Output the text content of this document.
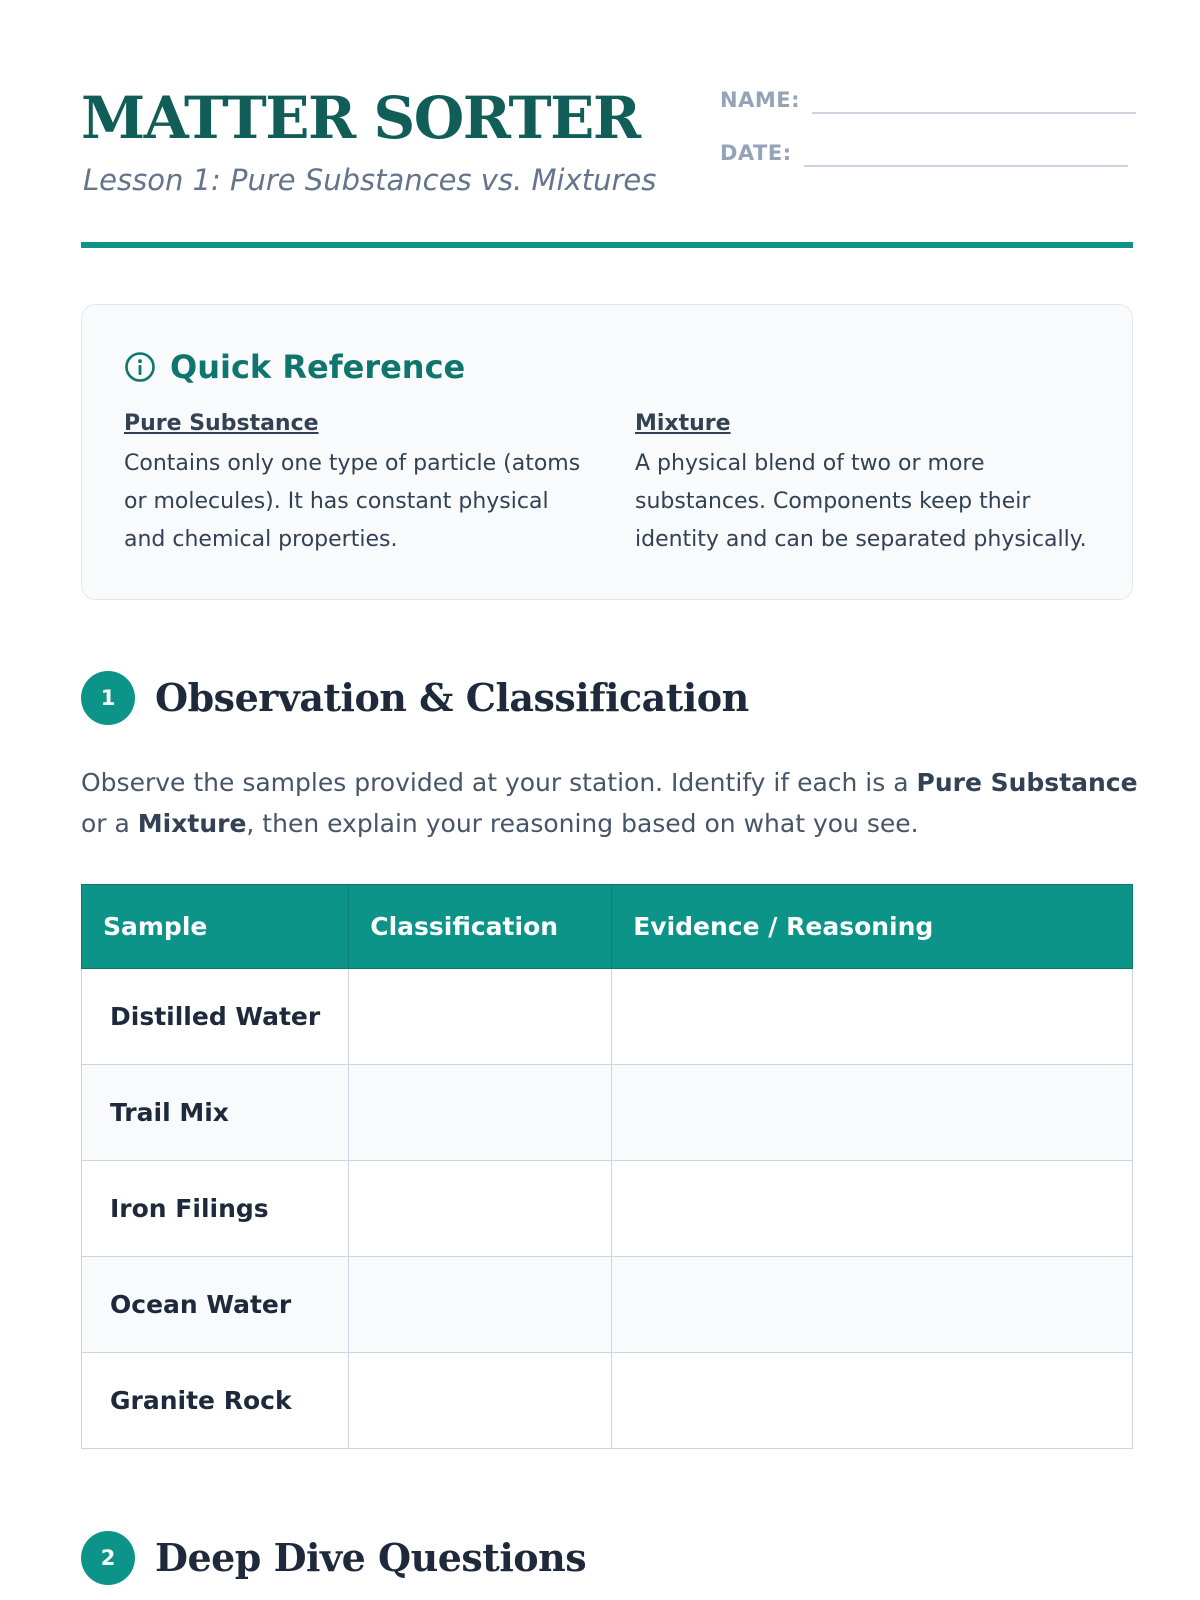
MATTER SORTER
Lesson 1: Pure Substances vs. Mixtures
NAME:
DATE:
Quick Reference
Pure Substance
Contains only one type of particle (atoms or molecules). It has constant physical and chemical properties.
Mixture
A physical blend of two or more substances. Components keep their identity and can be separated physically.
1	Observation & Classification

Observe the samples provided at your station. Identify if each is a Pure Substance or a Mixture, then explain your reasoning based on what you see.

Sample	Classification	Evidence / Reasoning
Distilled Water		
Trail Mix		
Iron Filings		
Ocean Water		
Granite Rock		
2	Deep Dive Questions
